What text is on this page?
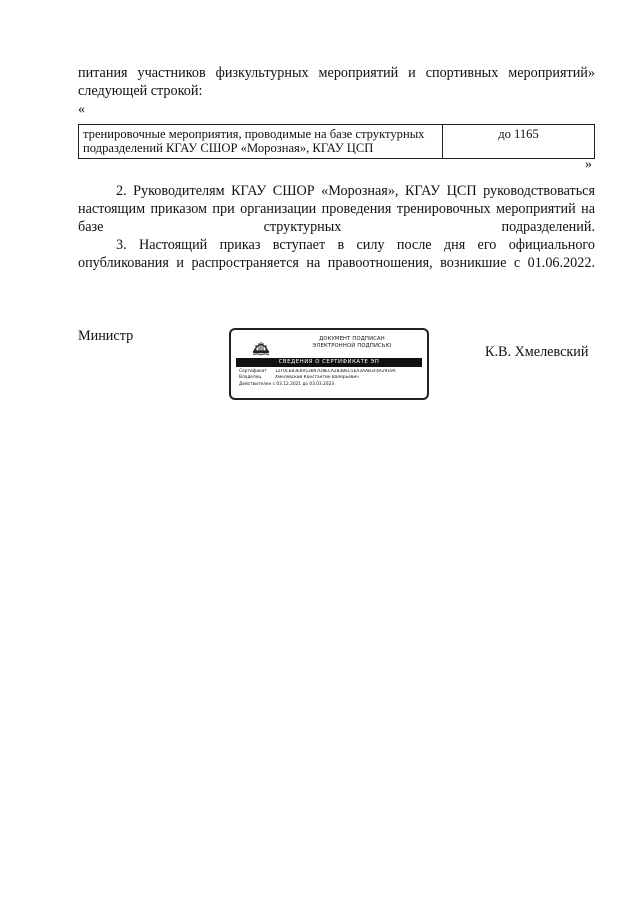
питания участников физкультурных мероприятий и спортивных мероприятий»

следующей строкой:

«
тренировочные мероприятия, проводимые на базе структурных подразделений КГАУ СШОР «Морозная», КГАУ ЦСП	до 1165
»

2. Руководителям КГАУ СШОР «Морозная», КГАУ ЦСП руководствоваться настоящим приказом при организации проведения тренировочных мероприятий на базе структурных подразделений.

3. Настоящий приказ вступает в силу после дня его официального опубликования и распространяется на правоотношения, возникшие с 01.06.2022.

Министр	ДОКУМЕНТ ПОДПИСАН
ЭЛЕКТРОННОЙ ПОДПИСЬЮ
СВЕДЕНИЯ О СЕРТИФИКАТЕ ЭП
Сертификат	12F0CEB3E6053B97D8ECA2B3BEC5EA3AAB3F4A2919A
Владелец	Хмелевский Константин Валерьевич
Действителен с 03.12.2021 до 03.03.2023
К.В. Хмелевский
